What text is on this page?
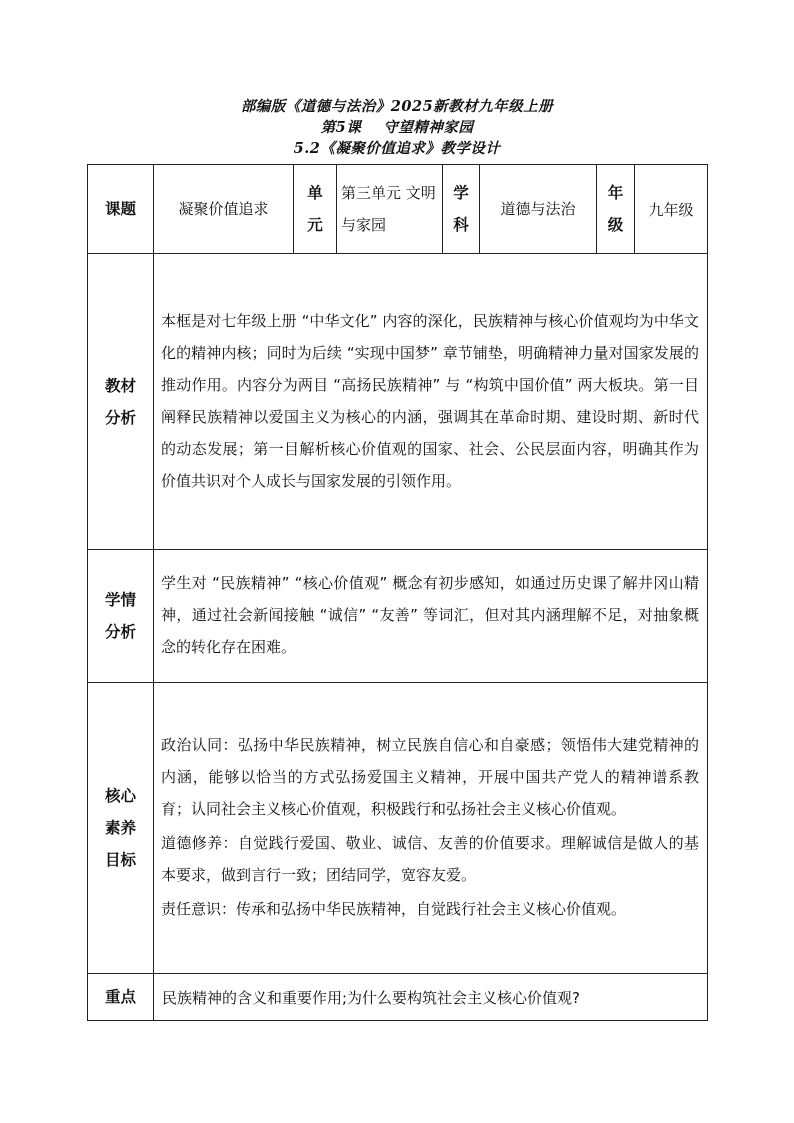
部编版《道德与法治》2025新教材九年级上册
第5课    守望精神家园
5.2《凝聚价值追求》教学设计
课题	凝聚价值追求	单元	第三单元 文明与家园	学科	道德与法治	年级	九年级
教材分析	本框是对七年级上册 “中华文化” 内容的深化，民族精神与核心价值观均为中华文化的精神内核；同时为后续 “实现中国梦” 章节铺垫，明确精神力量对国家发展的推动作用。内容分为两目 “高扬民族精神” 与 “构筑中国价值” 两大板块。第一目阐释民族精神以爱国主义为核心的内涵，强调其在革命时期、建设时期、新时代的动态发展；第一目解析核心价值观的国家、社会、公民层面内容，明确其作为价值共识对个人成长与国家发展的引领作用。						
学情分析	学生对 “民族精神” “核心价值观” 概念有初步感知，如通过历史课了解井冈山精神，通过社会新闻接触 “诚信” “友善” 等词汇，但对其内涵理解不足，对抽象概念的转化存在困难。						
核心素养目标	政治认同：弘扬中华民族精神，树立民族自信心和自豪感；领悟伟大建党精神的内涵，能够以恰当的方式弘扬爱国主义精神，开展中国共产党人的精神谱系教育；认同社会主义核心价值观，积极践行和弘扬社会主义核心价值观。

道德修养：自觉践行爱国、敬业、诚信、友善的价值要求。理解诚信是做人的基本要求，做到言行一致；团结同学，宽容友爱。

责任意识：传承和弘扬中华民族精神，自觉践行社会主义核心价值观。						

重点	民族精神的含义和重要作用;为什么要构筑社会主义核心价值观?						
